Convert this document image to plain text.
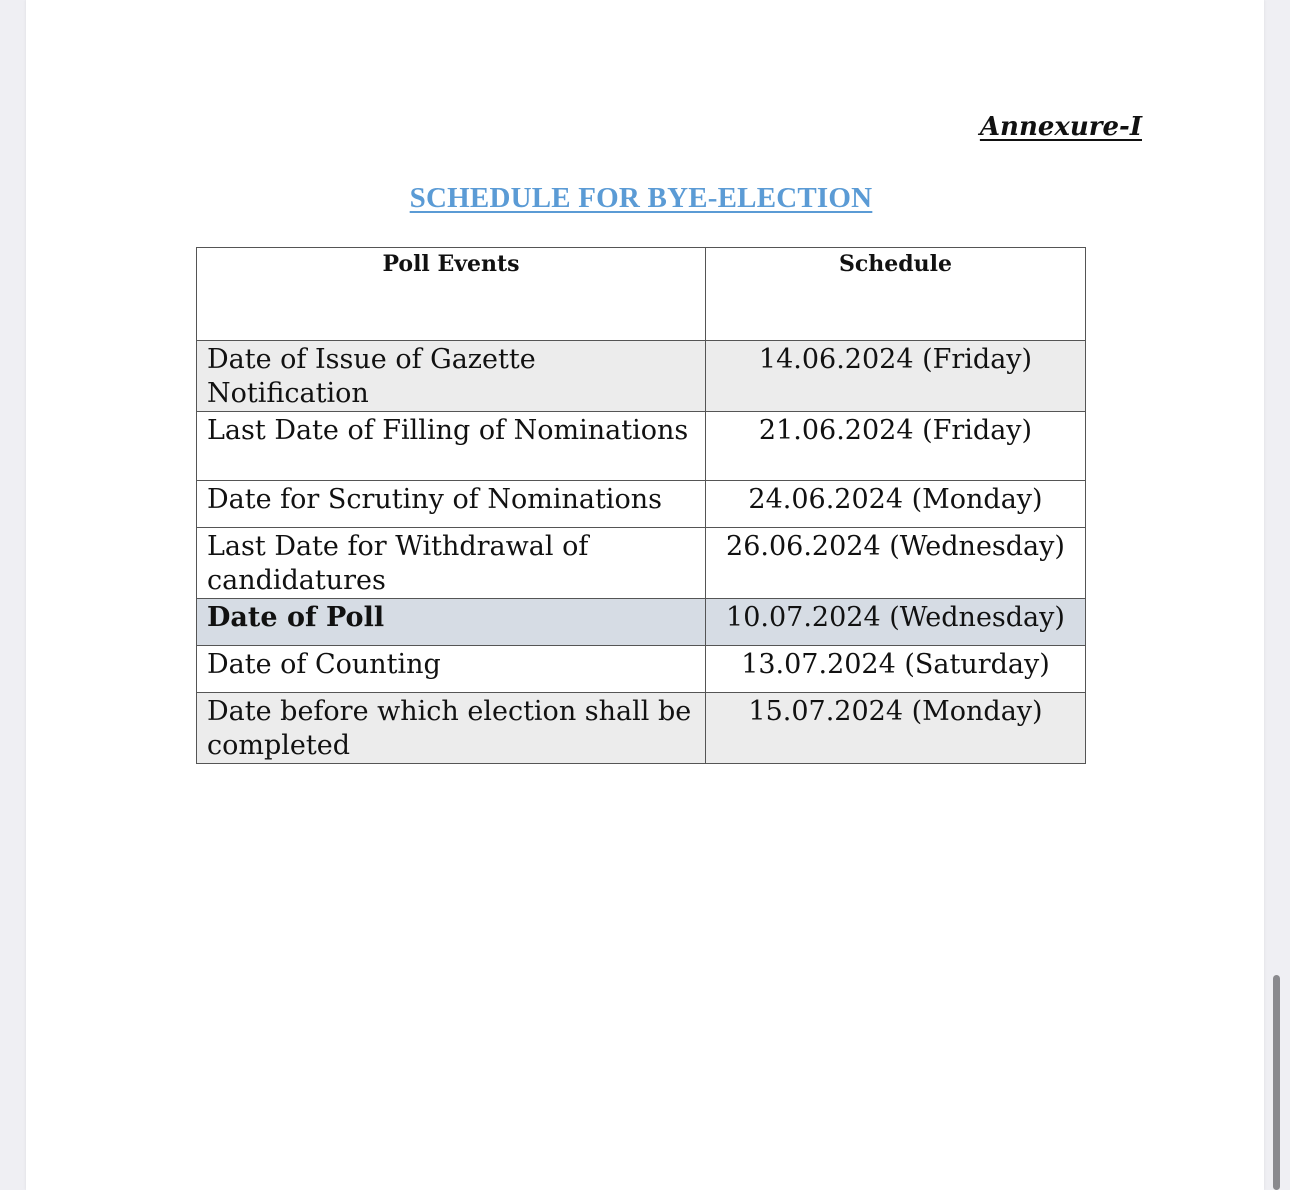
Annexure-I
SCHEDULE FOR BYE-ELECTION
Poll Events	Schedule
Date of Issue of Gazette Notification	14.06.2024 (Friday)
Last Date of Filling of Nominations	21.06.2024 (Friday)
Date for Scrutiny of Nominations	24.06.2024 (Monday)
Last Date for Withdrawal of candidatures	26.06.2024 (Wednesday)
Date of Poll	10.07.2024 (Wednesday)
Date of Counting	13.07.2024 (Saturday)
Date before which election shall be completed	15.07.2024 (Monday)
